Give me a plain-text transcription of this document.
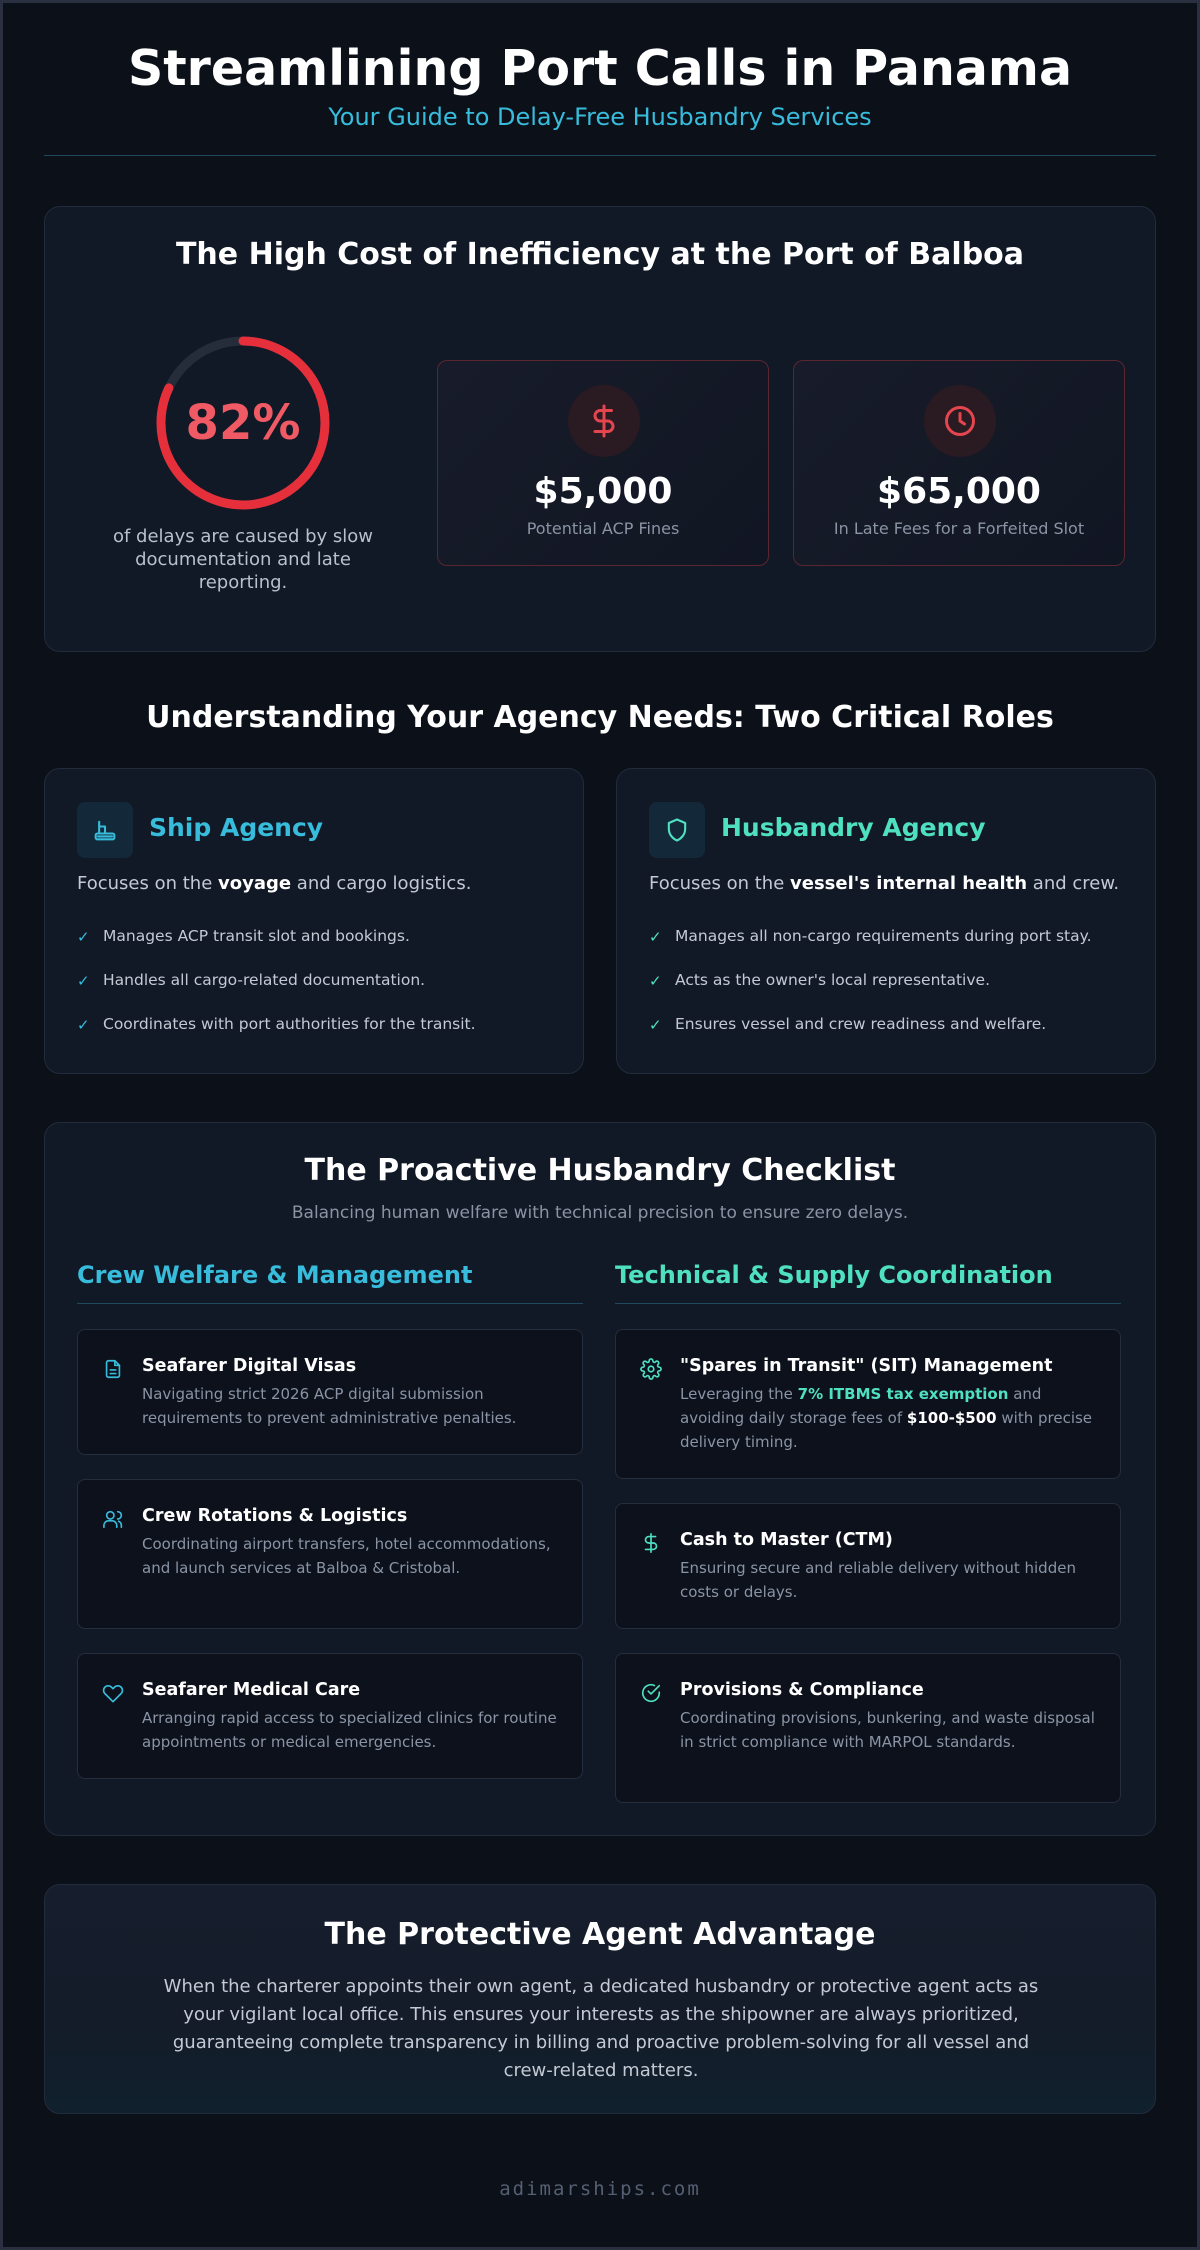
Streamlining Port Calls in Panama
Your Guide to Delay-Free Husbandry Services
The High Cost of Inefficiency at the Port of Balboa
82%
of delays are caused by slow documentation and late reporting.
$5,000
Potential ACP Fines
$65,000
In Late Fees for a Forfeited Slot
Understanding Your Agency Needs: Two Critical Roles
Ship Agency
Focuses on the voyage and cargo logistics.
✓ Manages ACP transit slot and bookings.
✓ Handles all cargo-related documentation.
✓ Coordinates with port authorities for the transit.
Husbandry Agency
Focuses on the vessel's internal health and crew.
✓ Manages all non-cargo requirements during port stay.
✓ Acts as the owner's local representative.
✓ Ensures vessel and crew readiness and welfare.
The Proactive Husbandry Checklist
Balancing human welfare with technical precision to ensure zero delays.
Crew Welfare & Management	Technical & Supply Coordination
Seafarer Digital Visas
Navigating strict 2026 ACP digital submission requirements to prevent administrative penalties.
Crew Rotations & Logistics
Coordinating airport transfers, hotel accommodations, and launch services at Balboa & Cristobal.
Seafarer Medical Care
Arranging rapid access to specialized clinics for routine appointments or medical emergencies.
"Spares in Transit" (SIT) Management
Leveraging the 7% ITBMS tax exemption and avoiding daily storage fees of $100-$500 with precise delivery timing.
Cash to Master (CTM)
Ensuring secure and reliable delivery without hidden costs or delays.
Provisions & Compliance
Coordinating provisions, bunkering, and waste disposal in strict compliance with MARPOL standards.
The Protective Agent Advantage
When the charterer appoints their own agent, a dedicated husbandry or protective agent acts as your vigilant local office. This ensures your interests as the shipowner are always prioritized, guaranteeing complete transparency in billing and proactive problem-solving for all vessel and crew-related matters.
adimarships.com
